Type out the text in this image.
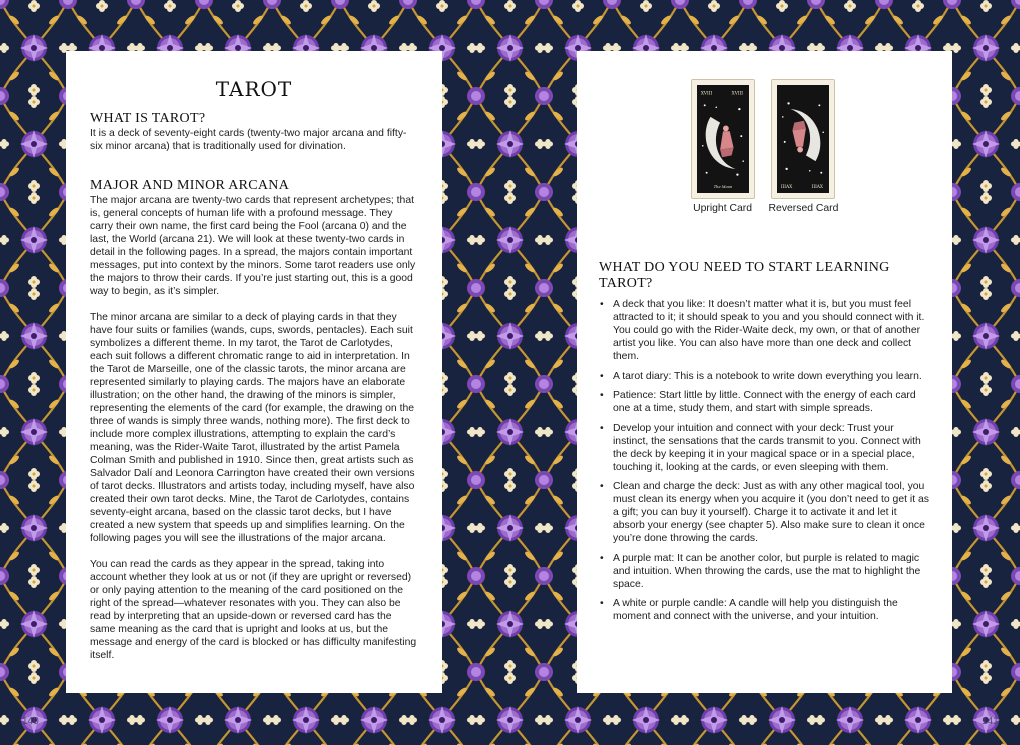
TAROT
WHAT IS TAROT?

It is a deck of seventy-eight cards (twenty-two major arcana and fifty-six minor arcana) that is traditionally used for divination.

MAJOR AND MINOR ARCANA

The major arcana are twenty-two cards that represent archetypes; that is, general concepts of human life with a profound message. They carry their own name, the first card being the Fool (arcana 0) and the last, the World (arcana 21). We will look at these twenty-two cards in detail in the following pages. In a spread, the majors contain important messages, put into context by the minors. Some tarot readers use only the majors to throw their cards. If you’re just starting out, this is a good way to begin, as it’s simpler.

The minor arcana are similar to a deck of playing cards in that they have four suits or families (wands, cups, swords, pentacles). Each suit symbolizes a different theme. In my tarot, the Tarot de Carlotydes, each suit follows a different chromatic range to aid in interpretation. In the Tarot de Marseille, one of the classic tarots, the minor arcana are represented similarly to playing cards. The majors have an elaborate illustration; on the other hand, the drawing of the minors is simpler, representing the elements of the card (for example, the drawing on the three of wands is simply three wands, nothing more). The first deck to include more complex illustrations, attempting to explain the card’s meaning, was the Rider-Waite Tarot, illustrated by the artist Pamela Colman Smith and published in 1910. Since then, great artists such as Salvador Dalí and Leonora Carrington have created their own versions of tarot decks. Illustrators and artists today, including myself, have also created their own tarot decks. Mine, the Tarot de Carlotydes, contains seventy-eight arcana, based on the classic tarot decks, but I have created a new system that speeds up and simplifies learning. On the following pages you will see the illustrations of the major arcana.

You can read the cards as they appear in the spread, taking into account whether they look at us or not (if they are upright or reversed) or only paying attention to the meaning of the card positioned on the right of the spread—whatever resonates with you. They can also be read by interpreting that an upside-down or reversed card has the same meaning as the card that is upright and looks at us, but the message and energy of the card is blocked or has difficulty manifesting itself.

XVIII	XVIII
The Moon
Upright Card
IIIAX	IIIAX
Reversed Card
WHAT DO YOU NEED TO START LEARNING TAROT?
• A deck that you like: It doesn’t matter what it is, but you must feel attracted to it; it should speak to you and you should connect with it. You could go with the Rider-Waite deck, my own, or that of another artist you like. You can also have more than one deck and collect them.
• A tarot diary: This is a notebook to write down everything you learn.
• Patience: Start little by little. Connect with the energy of each card one at a time, study them, and start with simple spreads.
• Develop your intuition and connect with your deck: Trust your instinct, the sensations that the cards transmit to you. Connect with the deck by keeping it in your magical space or in a special place, touching it, looking at the cards, or even sleeping with them.
• Clean and charge the deck: Just as with any other magical tool, you must clean its energy when you acquire it (you don’t need to get it as a gift; you can buy it yourself). Charge it to activate it and let it absorb your energy (see chapter 5). Also make sure to clean it once you’re done throwing the cards.
• A purple mat: It can be another color, but purple is related to magic and intuition. When throwing the cards, use the mat to highlight the space.
• A white or purple candle: A candle will help you distinguish the moment and connect with the universe, and your intuition.
140	141
